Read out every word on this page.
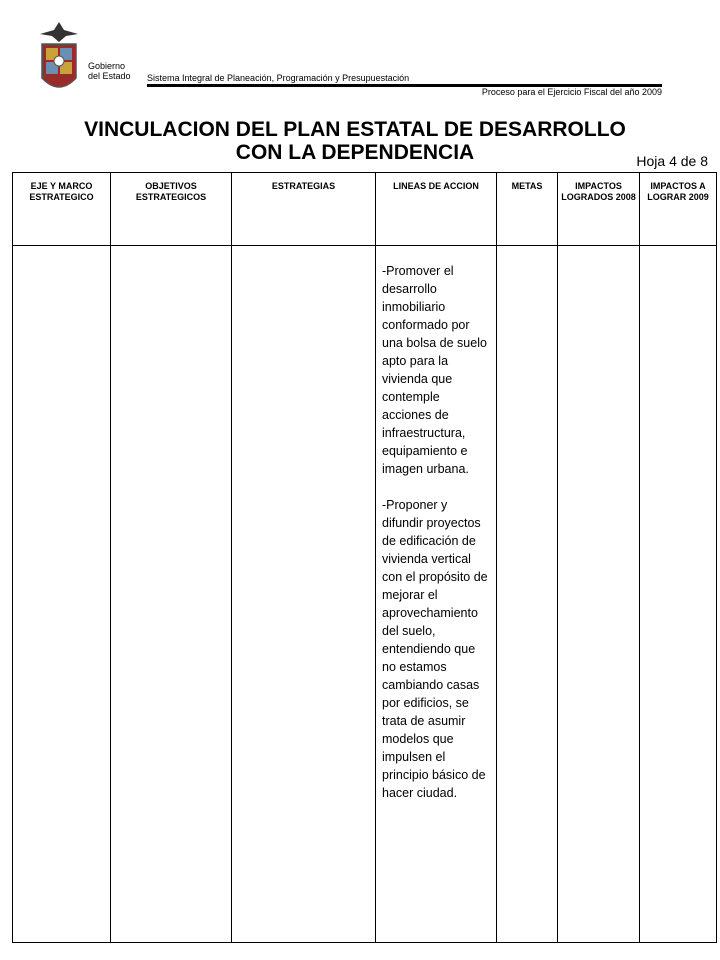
Gobierno
del Estado Sistema Integral de Planeación, Programación y Presupuestación
Proceso para el Ejercicio Fiscal del año 2009
VINCULACION DEL PLAN ESTATAL DE DESARROLLO
CON LA DEPENDENCIA	Hoja 4 de 8
EJE Y MARCO ESTRATEGICO	OBJETIVOS ESTRATEGICOS	ESTRATEGIAS	LINEAS DE ACCION	METAS	IMPACTOS LOGRADOS 2008	IMPACTOS A LOGRAR 2009

			-Promover el desarrollo inmobiliario conformado por una bolsa de suelo apto para la vivienda que contemple acciones de infraestructura, equipamiento e imagen urbana.

-Proponer y difundir proyectos de edificación de vivienda vertical con el propósito de mejorar el aprovechamiento del suelo, entendiendo que no estamos cambiando casas por edificios, se trata de asumir modelos que impulsen el principio básico de hacer ciudad.			
